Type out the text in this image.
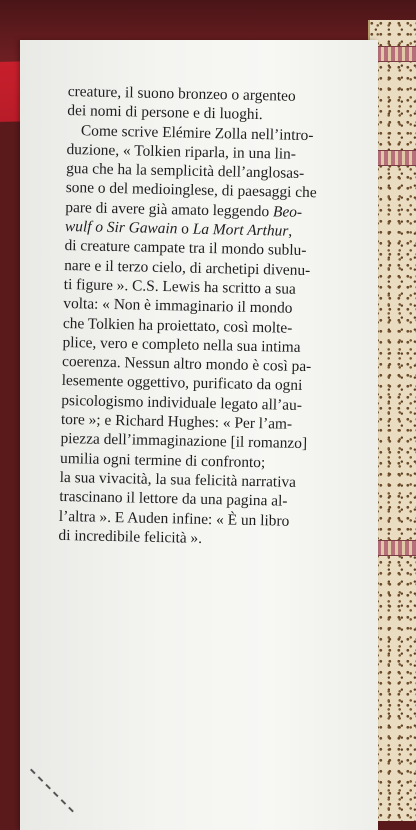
creature, il suono bronzeo o argenteo
dei nomi di persone e di luoghi.
Come scrive Elémire Zolla nell’intro-
duzione, « Tolkien riparla, in una lin-
gua che ha la semplicità dell’anglosas-
sone o del medioinglese, di paesaggi che
pare di avere già amato leggendo Beo-
wulf o Sir Gawain o La Mort Arthur,
di creature campate tra il mondo sublu-
nare e il terzo cielo, di archetipi divenu-
ti figure ». C.S. Lewis ha scritto a sua
volta: « Non è immaginario il mondo
che Tolkien ha proiettato, così molte-
plice, vero e completo nella sua intima
coerenza. Nessun altro mondo è così pa-
lesemente oggettivo, purificato da ogni
psicologismo individuale legato all’au-
tore »; e Richard Hughes: « Per l’am-
piezza dell’immaginazione [il romanzo]
umilia ogni termine di confronto;
la sua vivacità, la sua felicità narrativa
trascinano il lettore da una pagina al-
l’altra ». E Auden infine: « È un libro
di incredibile felicità ».
